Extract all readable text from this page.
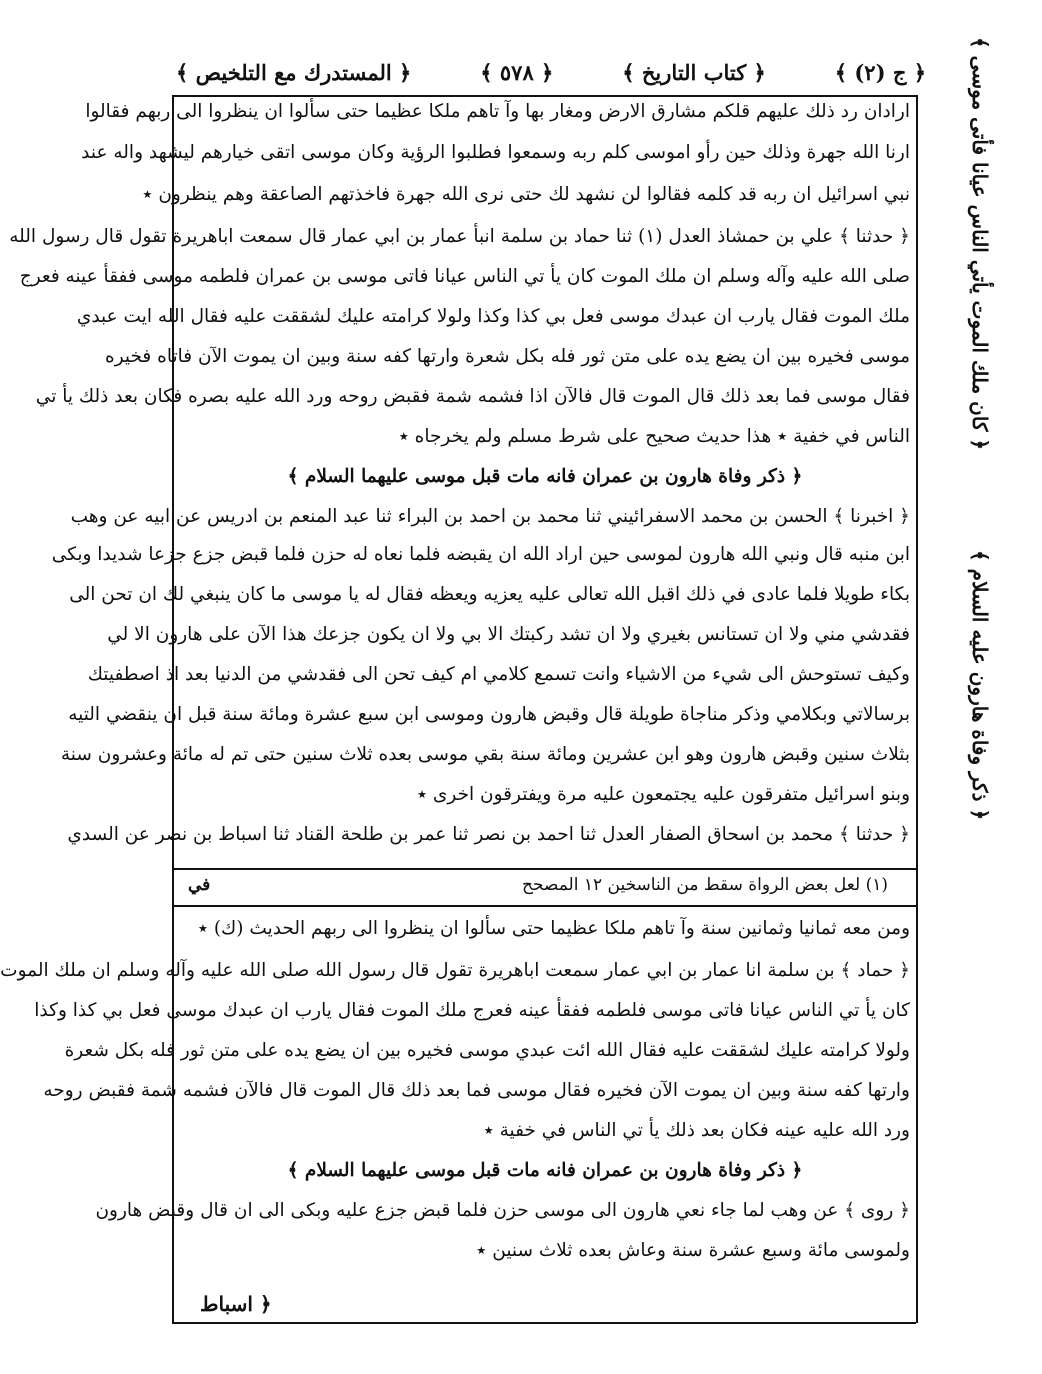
﴿ ج (٢) ﴾
﴿ كتاب التاريخ ﴾
﴿ ٥٧٨ ﴾
﴿ المستدرك مع التلخيص ﴾
ارادان رد ذلك عليهم قلكم مشارق الارض ومغار بها وآ تاهم ملكا عظيما حتى سألوا ان ينظروا الى ربهم فقالوا
ارنا الله جهرة وذلك حين رأو اموسى كلم ربه وسمعوا فطلبوا الرؤية وكان موسى اتقى خيارهم ليشهد واله عند
نبي اسرائيل ان ربه قد كلمه فقالوا لن نشهد لك حتى نرى الله جهرة فاخذتهم الصاعقة وهم ينظرون ٭
﴿ حدثنا ﴾ علي بن حمشاذ العدل (١) ثنا حماد بن سلمة انبأ عمار بن ابي عمار قال سمعت اباهريرة تقول قال رسول الله
صلى الله عليه وآله وسلم ان ملك الموت كان يأ تي الناس عيانا فاتى موسى بن عمران فلطمه موسى ففقأ عينه فعرج
ملك الموت فقال يارب ان عبدك موسى فعل بي كذا وكذا ولولا كرامته عليك لشققت عليه فقال الله ايت عبدي
موسى فخيره بين ان يضع يده على متن ثور فله بكل شعرة وارتها كفه سنة وبين ان يموت الآن فاتاه فخيره
فقال موسى فما بعد ذلك قال الموت قال فالآن اذا فشمه شمة فقبض روحه ورد الله عليه بصره فكان بعد ذلك يأ تي
الناس في خفية ٭ هذا حديث صحيح على شرط مسلم ولم يخرجاه ٭
﴿ ذكر وفاة هارون بن عمران فانه مات قبل موسى عليهما السلام ﴾
﴿ اخبرنا ﴾ الحسن بن محمد الاسفرائيني ثنا محمد بن احمد بن البراء ثنا عبد المنعم بن ادريس عن ابيه عن وهب
ابن منبه قال ونبي الله هارون لموسى حين اراد الله ان يقبضه فلما نعاه له حزن فلما قبض جزع جزعا شديدا وبكى
بكاء طويلا فلما عادى في ذلك اقبل الله تعالى عليه يعزيه ويعظه فقال له يا موسى ما كان ينبغي لك ان تحن الى
فقدشي مني ولا ان تستانس بغيري ولا ان تشد ركبتك الا بي ولا ان يكون جزعك هذا الآن على هارون الا لي
وكيف تستوحش الى شيء من الاشياء وانت تسمع كلامي ام كيف تحن الى فقدشي من الدنيا بعد اذ اصطفيتك
برسالاتي وبكلامي وذكر مناجاة طويلة قال وقبض هارون وموسى ابن سبع عشرة ومائة سنة قبل ان ينقضي التيه
بثلاث سنين وقبض هارون وهو ابن عشرين ومائة سنة بقي موسى بعده ثلاث سنين حتى تم له مائة وعشرون سنة
وبنو اسرائيل متفرقون عليه يجتمعون عليه مرة ويفترقون اخرى ٭
﴿ حدثنا ﴾ محمد بن اسحاق الصفار العدل ثنا احمد بن نصر ثنا عمر بن طلحة القناد ثنا اسباط بن نصر عن السدي
(١) لعل بعض الرواة سقط من الناسخين ١٢ المصحح
في
ومن معه ثمانيا وثمانين سنة وآ تاهم ملكا عظيما حتى سألوا ان ينظروا الى ربهم الحديث (ك) ٭
﴿ حماد ﴾ بن سلمة انا عمار بن ابي عمار سمعت اباهريرة تقول قال رسول الله صلى الله عليه وآله وسلم ان ملك الموت
كان يأ تي الناس عيانا فاتى موسى فلطمه ففقأ عينه فعرج ملك الموت فقال يارب ان عبدك موسى فعل بي كذا وكذا
ولولا كرامته عليك لشققت عليه فقال الله ائت عبدي موسى فخيره بين ان يضع يده على متن ثور فله بكل شعرة
وارتها كفه سنة وبين ان يموت الآن فخيره فقال موسى فما بعد ذلك قال الموت قال فالآن فشمه شمة فقبض روحه
ورد الله عليه عينه فكان بعد ذلك يأ تي الناس في خفية ٭
﴿ ذكر وفاة هارون بن عمران فانه مات قبل موسى عليهما السلام ﴾
﴿ روى ﴾ عن وهب لما جاء نعي هارون الى موسى حزن فلما قبض جزع عليه وبكى الى ان قال وقبض هارون
ولموسى مائة وسبع عشرة سنة وعاش بعده ثلاث سنين ٭
﴿ كان ملك الموت يأتي الناس عيانا فأتى موسى ﴾
﴿ ذكر وفاة هارون عليه السلام ﴾
﴿ اسباط
